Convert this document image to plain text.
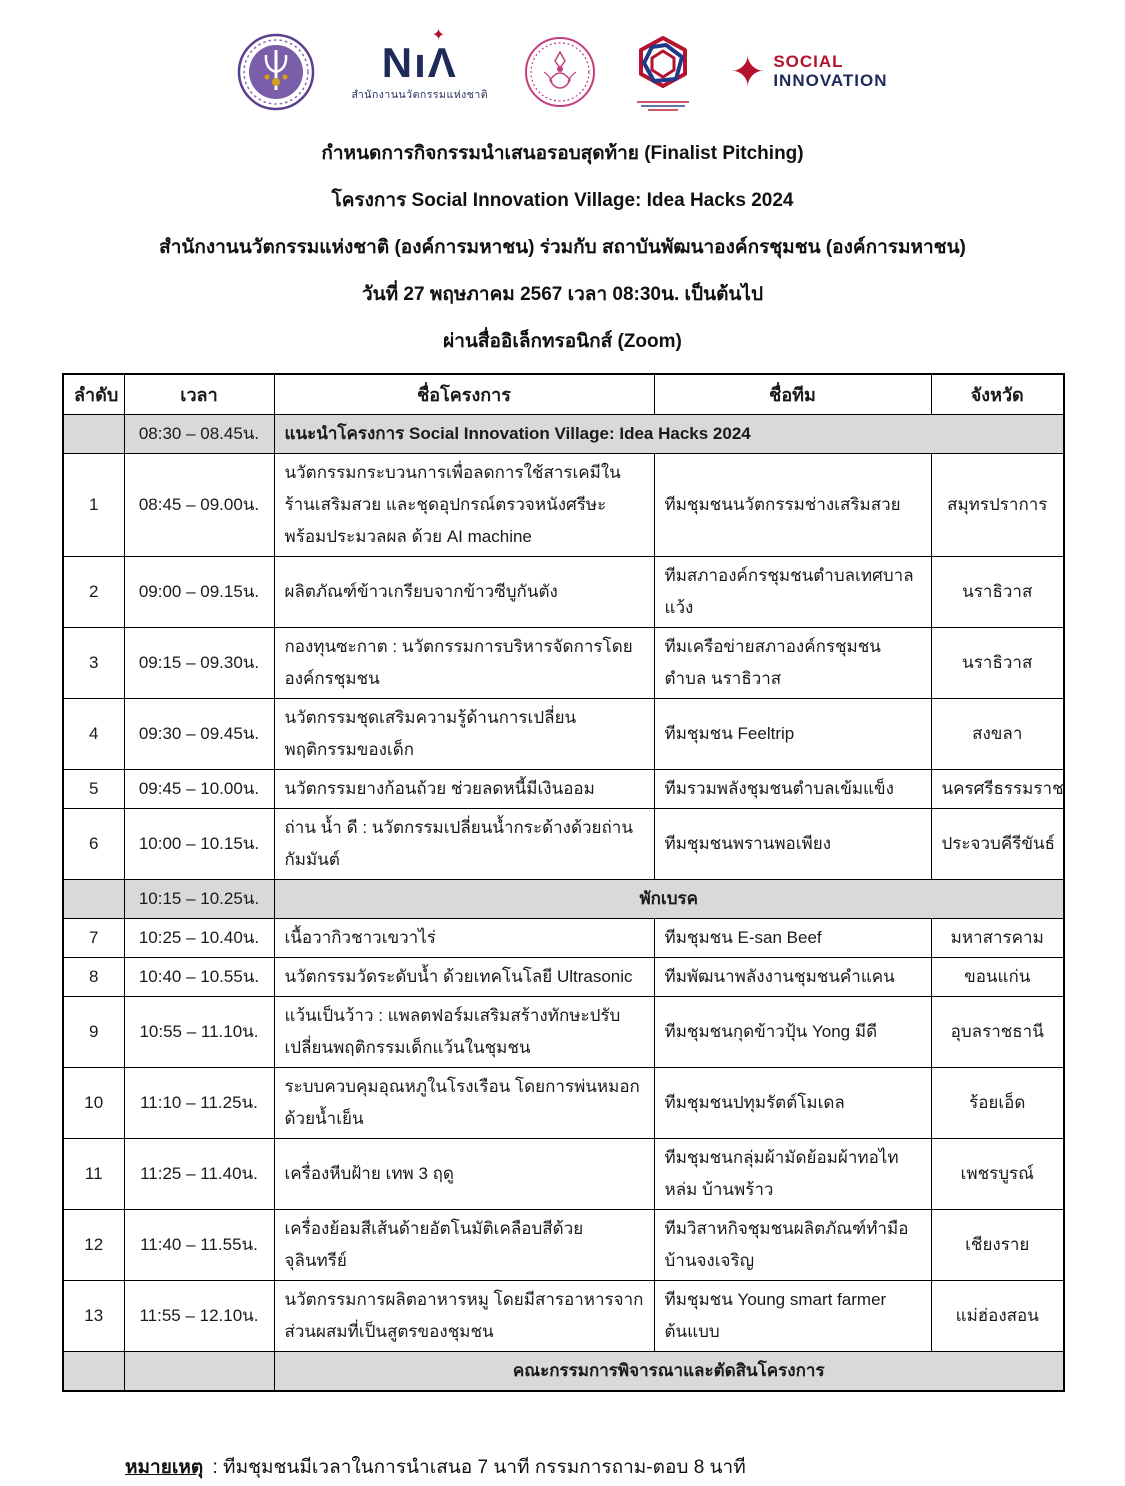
NıΛ
✦
สำนักงานนวัตกรรมแห่งชาติ	✦ SOCIAL
INNOVATION
กำหนดการกิจกรรมนำเสนอรอบสุดท้าย (Finalist Pitching)
โครงการ Social Innovation Village: Idea Hacks 2024
สำนักงานนวัตกรรมแห่งชาติ (องค์การมหาชน) ร่วมกับ สถาบันพัฒนาองค์กรชุมชน (องค์การมหาชน)
วันที่ 27 พฤษภาคม 2567 เวลา 08:30น. เป็นต้นไป
ผ่านสื่ออิเล็กทรอนิกส์ (Zoom)
ลำดับ	เวลา	ชื่อโครงการ	ชื่อทีม	จังหวัด
	08:30 – 08.45น.	แนะนำโครงการ Social Innovation Village: Idea Hacks 2024		
1	08:45 – 09.00น.	นวัตกรรมกระบวนการเพื่อลดการใช้สารเคมีในร้านเสริมสวย และชุดอุปกรณ์ตรวจหนังศรีษะพร้อมประมวลผล ด้วย AI machine	ทีมชุมชนนวัตกรรมช่างเสริมสวย	สมุทรปราการ
2	09:00 – 09.15น.	ผลิตภัณฑ์ข้าวเกรียบจากข้าวซีบูกันตัง	ทีมสภาองค์กรชุมชนตำบลเทศบาลแว้ง	นราธิวาส
3	09:15 – 09.30น.	กองทุนซะกาต : นวัตกรรมการบริหารจัดการโดยองค์กรชุมชน	ทีมเครือข่ายสภาองค์กรชุมชนตำบล นราธิวาส	นราธิวาส
4	09:30 – 09.45น.	นวัตกรรมชุดเสริมความรู้ด้านการเปลี่ยนพฤติกรรมของเด็ก	ทีมชุมชน Feeltrip	สงขลา
5	09:45 – 10.00น.	นวัตกรรมยางก้อนถ้วย ช่วยลดหนี้มีเงินออม	ทีมรวมพลังชุมชนตำบลเข้มแข็ง	นครศรีธรรมราช
6	10:00 – 10.15น.	ถ่าน น้ำ ดี : นวัตกรรมเปลี่ยนน้ำกระด้างด้วยถ่านกัมมันต์	ทีมชุมชนพรานพอเพียง	ประจวบคีรีขันธ์
	10:15 – 10.25น.	พักเบรค		
7	10:25 – 10.40น.	เนื้อวากิวชาวเขวาไร่	ทีมชุมชน E-san Beef	มหาสารคาม
8	10:40 – 10.55น.	นวัตกรรมวัดระดับน้ำ ด้วยเทคโนโลยี Ultrasonic	ทีมพัฒนาพลังงานชุมชนคำแคน	ขอนแก่น
9	10:55 – 11.10น.	แว้นเป็นว้าว : แพลตฟอร์มเสริมสร้างทักษะปรับเปลี่ยนพฤติกรรมเด็กแว้นในชุมชน	ทีมชุมชนกุดข้าวปุ้น Yong มีดี	อุบลราชธานี
10	11:10 – 11.25น.	ระบบควบคุมอุณหภูในโรงเรือน โดยการพ่นหมอกด้วยน้ำเย็น	ทีมชุมชนปทุมรัตต์โมเดล	ร้อยเอ็ด
11	11:25 – 11.40น.	เครื่องหีบฝ้าย เทพ 3 ฤดู	ทีมชุมชนกลุ่มผ้ามัดย้อมผ้าทอไทหล่ม บ้านพร้าว	เพชรบูรณ์
12	11:40 – 11.55น.	เครื่องย้อมสีเส้นด้ายอัตโนมัติเคลือบสีด้วยจุลินทรีย์	ทีมวิสาหกิจชุมชนผลิตภัณฑ์ทำมือ บ้านจงเจริญ	เชียงราย
13	11:55 – 12.10น.	นวัตกรรมการผลิตอาหารหมู โดยมีสารอาหารจากส่วนผสมที่เป็นสูตรของชุมชน	ทีมชุมชน Young smart farmer ต้นแบบ	แม่ฮ่องสอน
		คณะกรรมการพิจารณาและตัดสินโครงการ		
หมายเหตุ : ทีมชุมชนมีเวลาในการนำเสนอ 7 นาที กรรมการถาม-ตอบ 8 นาที
